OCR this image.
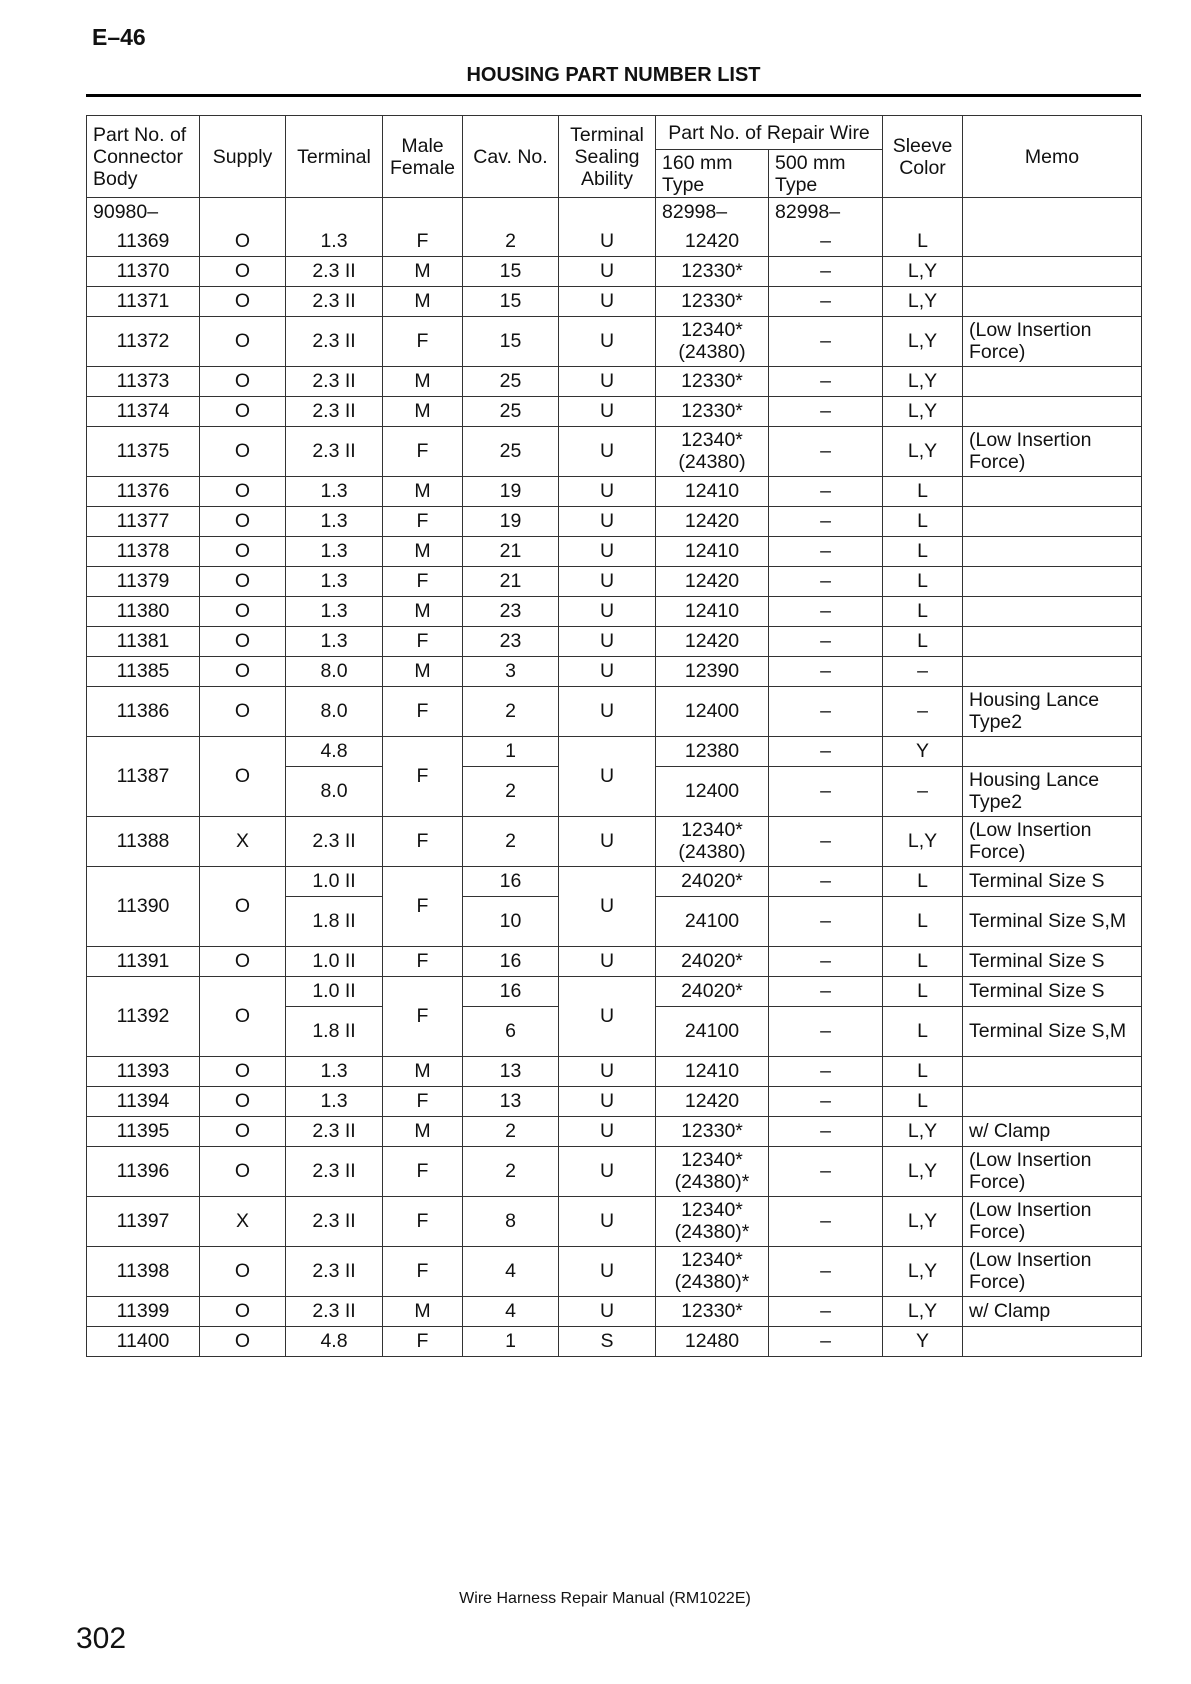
E–46
HOUSING PART NUMBER LIST
Part No. of Connector Body	Supply	Terminal	Male Female	Cav. No.	Terminal Sealing Ability	Part No. of Repair Wire		Sleeve Color	Memo
						160 mm Type	500 mm Type		
90980–						82998–	82998–		
11369	O	1.3	F	2	U	12420	–	L	
11370	O	2.3 II	M	15	U	12330*	–	L,Y	
11371	O	2.3 II	M	15	U	12330*	–	L,Y	
11372	O	2.3 II	F	15	U	12340* (24380)	–	L,Y	(Low Insertion Force)
11373	O	2.3 II	M	25	U	12330*	–	L,Y	
11374	O	2.3 II	M	25	U	12330*	–	L,Y	
11375	O	2.3 II	F	25	U	12340* (24380)	–	L,Y	(Low Insertion Force)
11376	O	1.3	M	19	U	12410	–	L	
11377	O	1.3	F	19	U	12420	–	L	
11378	O	1.3	M	21	U	12410	–	L	
11379	O	1.3	F	21	U	12420	–	L	
11380	O	1.3	M	23	U	12410	–	L	
11381	O	1.3	F	23	U	12420	–	L	
11385	O	8.0	M	3	U	12390	–	–	
11386	O	8.0	F	2	U	12400	–	–	Housing Lance Type2
11387	O	4.8	F	1	U	12380	–	Y	
		8.0		2		12400	–	–	Housing Lance Type2
11388	X	2.3 II	F	2	U	12340* (24380)	–	L,Y	(Low Insertion Force)
11390	O	1.0 II	F	16	U	24020*	–	L	Terminal Size S
		1.8 II		10		24100	–	L	Terminal Size S,M
11391	O	1.0 II	F	16	U	24020*	–	L	Terminal Size S
11392	O	1.0 II	F	16	U	24020*	–	L	Terminal Size S
		1.8 II		6		24100	–	L	Terminal Size S,M
11393	O	1.3	M	13	U	12410	–	L	
11394	O	1.3	F	13	U	12420	–	L	
11395	O	2.3 II	M	2	U	12330*	–	L,Y	w/ Clamp
11396	O	2.3 II	F	2	U	12340* (24380)*	–	L,Y	(Low Insertion Force)
11397	X	2.3 II	F	8	U	12340* (24380)*	–	L,Y	(Low Insertion Force)
11398	O	2.3 II	F	4	U	12340* (24380)*	–	L,Y	(Low Insertion Force)
11399	O	2.3 II	M	4	U	12330*	–	L,Y	w/ Clamp
11400	O	4.8	F	1	S	12480	–	Y	
Wire Harness Repair Manual (RM1022E)
302
